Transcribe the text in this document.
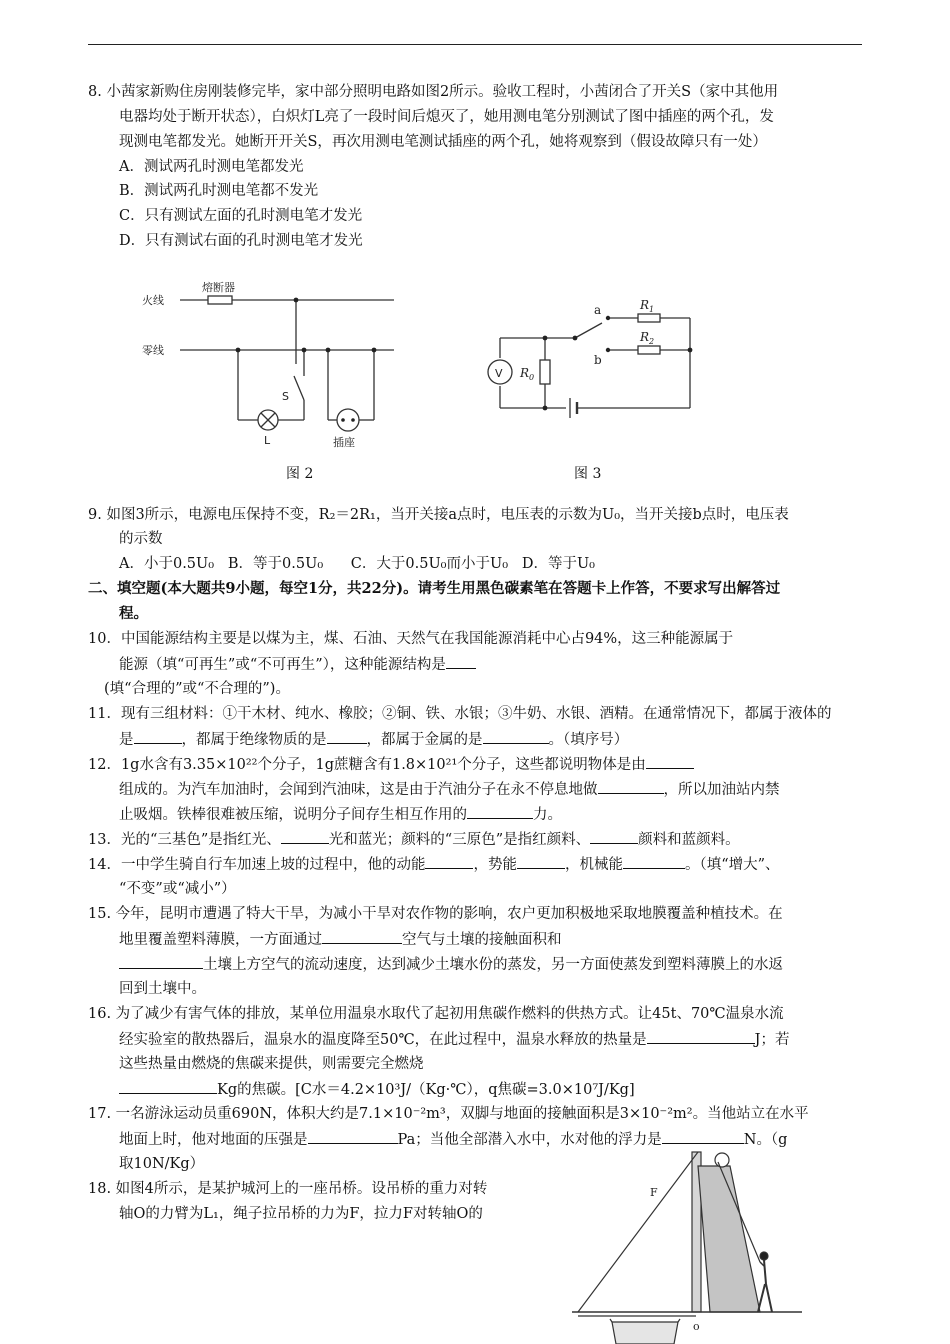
8. 小茜家新购住房刚装修完毕，家中部分照明电路如图2所示。验收工程时，小茜闭合了开关S（家中其他用
电器均处于断开状态），白炽灯L亮了一段时间后熄灭了，她用测电笔分别测试了图中插座的两个孔，发
现测电笔都发光。她断开开关S，再次用测电笔测试插座的两个孔，她将观察到（假设故障只有一处）
A．测试两孔时测电笔都发光
B．测试两孔时测电笔都不发光
C．只有测试左面的孔时测电笔才发光
D．只有测试右面的孔时测电笔才发光
熔断器
火线
零线
S
L	插座
图 2
a
b
V
$R_1$
$R_2$
$R_0$
图 3
9. 如图3所示，电源电压保持不变，R₂＝2R₁，当开关接a点时，电压表的示数为U₀，当开关接b点时，电压表
的示数
A．小于0.5U₀   B．等于0.5U₀      C．大于0.5U₀而小于U₀   D．等于U₀
二、填空题(本大题共9小题，每空1分，共22分)。请考生用黑色碳素笔在答题卡上作答，不要求写出解答过
程。
10．中国能源结构主要是以煤为主，煤、石油、天然气在我国能源消耗中心占94%，这三种能源属于
能源（填“可再生”或“不可再生”），这种能源结构是
(填“合理的”或“不合理的”)。
11．现有三组材料：①干木材、纯水、橡胶；②铜、铁、水银；③牛奶、水银、酒精。在通常情况下，都属于液体的
是	，都属于绝缘物质的是	，都属于金属的是	。（填序号）
12．1g水含有3.35×10²²个分子，1g蔗糖含有1.8×10²¹个分子，这些都说明物体是由
组成的。为汽车加油时，会闻到汽油味，这是由于汽油分子在永不停息地做	，所以加油站内禁
止吸烟。铁棒很难被压缩，说明分子间存生相互作用的	力。
13．光的“三基色”是指红光、	光和蓝光；颜料的“三原色”是指红颜料、	颜料和蓝颜料。
14．一中学生骑自行车加速上坡的过程中，他的动能	，势能	，机械能	。（填“增大”、
“不变”或“减小”）
15. 今年，昆明市遭遇了特大干旱，为减小干旱对农作物的影响，农户更加积极地采取地膜覆盖种植技术。在
地里覆盖塑料薄膜，一方面通过	空气与土壤的接触面积和
土壤上方空气的流动速度，达到减少土壤水份的蒸发，另一方面使蒸发到塑料薄膜上的水返
回到土壤中。
16. 为了减少有害气体的排放，某单位用温泉水取代了起初用焦碳作燃料的供热方式。让45t、70℃温泉水流
经实验室的散热器后，温泉水的温度降至50℃，在此过程中，温泉水释放的热量是	J；若
这些热量由燃烧的焦碳来提供，则需要完全燃烧
Kg的焦碳。[C水＝4.2×10³J/（Kg·℃），q焦碳=3.0×10⁷J/Kg]
17. 一名游泳运动员重690N，体积大约是7.1×10⁻²m³，双脚与地面的接触面积是3×10⁻²m²。当他站立在水平
地面上时，他对地面的压强是	Pa；当他全部潜入水中，水对他的浮力是	N。（g
取10N/Kg）
18. 如图4所示，是某护城河上的一座吊桥。设吊桥的重力对转
轴O的力臂为L₁，绳子拉吊桥的力为F，拉力F对转轴O的
F
o
